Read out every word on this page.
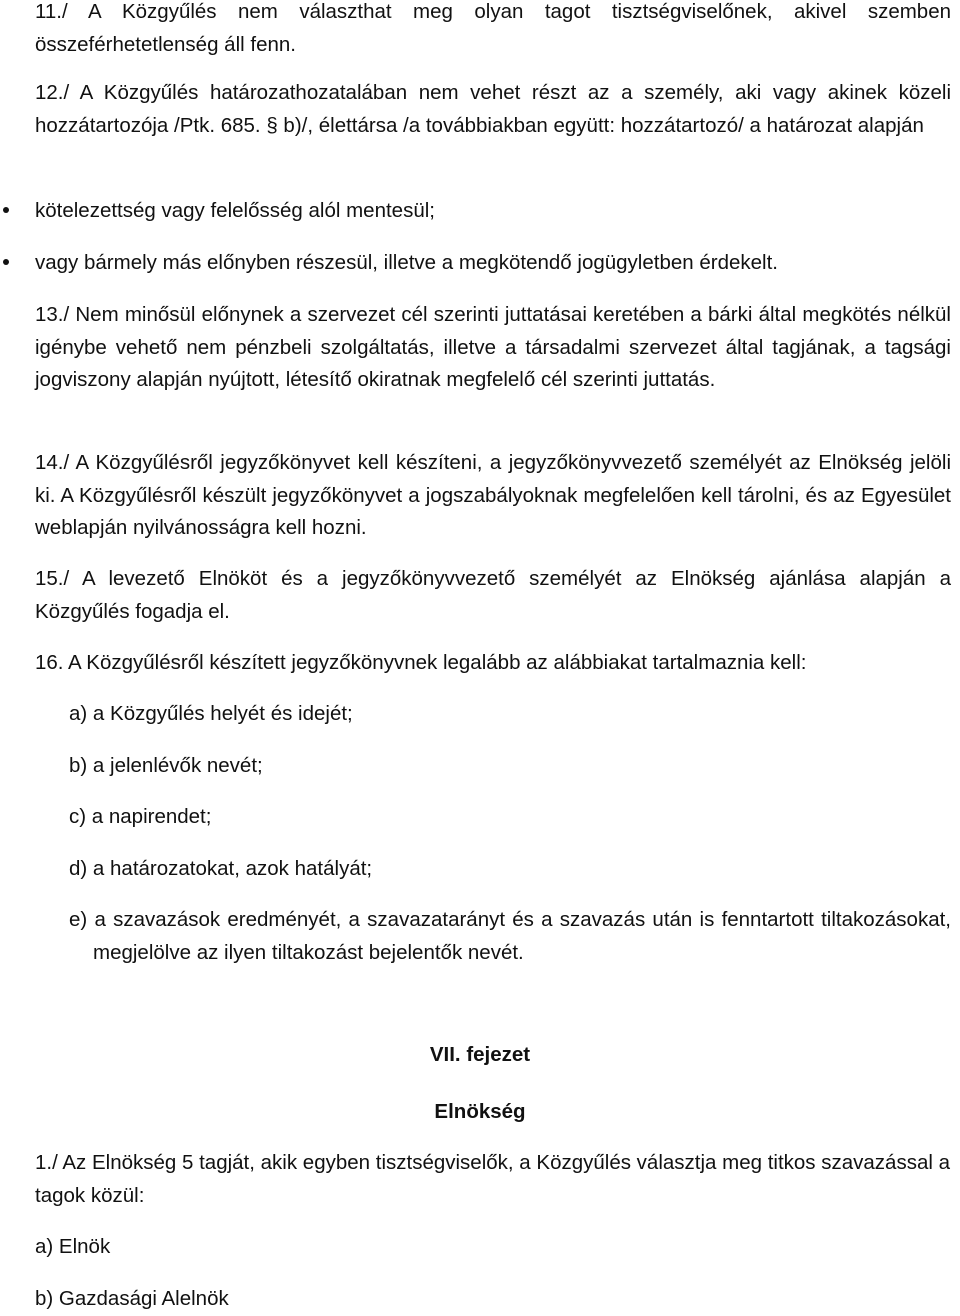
11./ A Közgyűlés nem választhat meg olyan tagot tisztségviselőnek, akivel szemben összeférhetetlenség áll fenn.

12./ A Közgyűlés határozathozatalában nem vehet részt az a személy, aki vagy akinek közeli hozzátartozója /Ptk. 685. § b)/, élettársa /a továbbiakban együtt: hozzátartozó/ a határozat alapján

kötelezettség vagy felelősség alól mentesül;
vagy bármely más előnyben részesül, illetve a megkötendő jogügyletben érdekelt.

13./ Nem minősül előnynek a szervezet cél szerinti juttatásai keretében a bárki által megkötés nélkül igénybe vehető nem pénzbeli szolgáltatás, illetve a társadalmi szervezet által tagjának, a tagsági jogviszony alapján nyújtott, létesítő okiratnak megfelelő cél szerinti juttatás.

14./ A Közgyűlésről jegyzőkönyvet kell készíteni, a jegyzőkönyvvezető személyét az Elnökség jelöli ki. A Közgyűlésről készült jegyzőkönyvet a jogszabályoknak megfelelően kell tárolni, és az Egyesület weblapján nyilvánosságra kell hozni.

15./ A levezető Elnököt és a jegyzőkönyvvezető személyét az Elnökség ajánlása alapján a Közgyűlés fogadja el.

16. A Közgyűlésről készített jegyzőkönyvnek legalább az alábbiakat tartalmaznia kell:

a) a Közgyűlés helyét és idejét;

b) a jelenlévők nevét;

c) a napirendet;

d) a határozatokat, azok hatályát;

e) a szavazások eredményét, a szavazatarányt és a szavazás után is fenntartott tiltakozásokat, megjelölve az ilyen tiltakozást bejelentők nevét.

VII. fejezet

Elnökség

1./ Az Elnökség 5 tagját, akik egyben tisztségviselők, a Közgyűlés választja meg titkos szavazással a tagok közül:

a) Elnök

b) Gazdasági Alelnök
